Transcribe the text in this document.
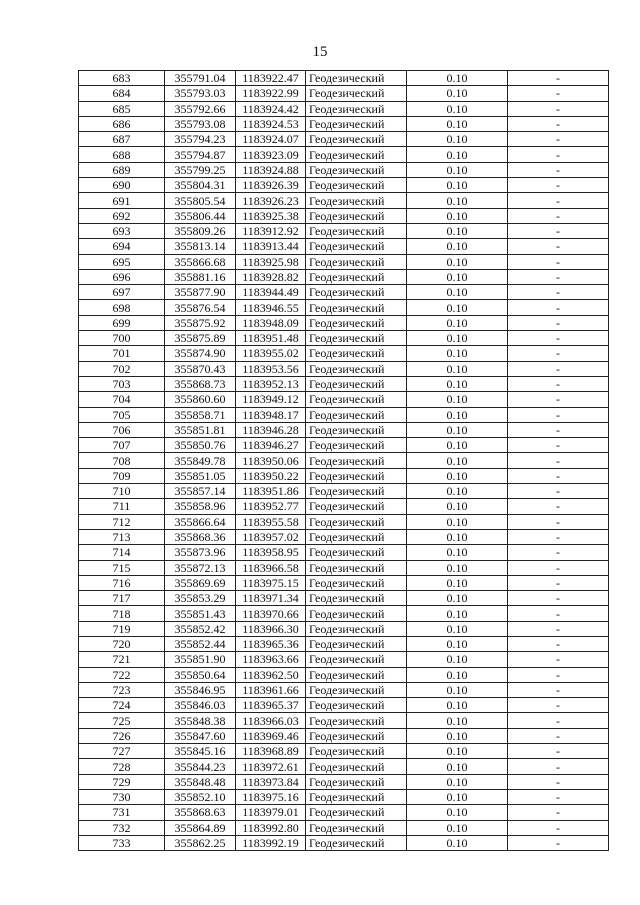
15
683	355791.04	1183922.47	Геодезический	0.10	-
684	355793.03	1183922.99	Геодезический	0.10	-
685	355792.66	1183924.42	Геодезический	0.10	-
686	355793.08	1183924.53	Геодезический	0.10	-
687	355794.23	1183924.07	Геодезический	0.10	-
688	355794.87	1183923.09	Геодезический	0.10	-
689	355799.25	1183924.88	Геодезический	0.10	-
690	355804.31	1183926.39	Геодезический	0.10	-
691	355805.54	1183926.23	Геодезический	0.10	-
692	355806.44	1183925.38	Геодезический	0.10	-
693	355809.26	1183912.92	Геодезический	0.10	-
694	355813.14	1183913.44	Геодезический	0.10	-
695	355866.68	1183925.98	Геодезический	0.10	-
696	355881.16	1183928.82	Геодезический	0.10	-
697	355877.90	1183944.49	Геодезический	0.10	-
698	355876.54	1183946.55	Геодезический	0.10	-
699	355875.92	1183948.09	Геодезический	0.10	-
700	355875.89	1183951.48	Геодезический	0.10	-
701	355874.90	1183955.02	Геодезический	0.10	-
702	355870.43	1183953.56	Геодезический	0.10	-
703	355868.73	1183952.13	Геодезический	0.10	-
704	355860.60	1183949.12	Геодезический	0.10	-
705	355858.71	1183948.17	Геодезический	0.10	-
706	355851.81	1183946.28	Геодезический	0.10	-
707	355850.76	1183946.27	Геодезический	0.10	-
708	355849.78	1183950.06	Геодезический	0.10	-
709	355851.05	1183950.22	Геодезический	0.10	-
710	355857.14	1183951.86	Геодезический	0.10	-
711	355858.96	1183952.77	Геодезический	0.10	-
712	355866.64	1183955.58	Геодезический	0.10	-
713	355868.36	1183957.02	Геодезический	0.10	-
714	355873.96	1183958.95	Геодезический	0.10	-
715	355872.13	1183966.58	Геодезический	0.10	-
716	355869.69	1183975.15	Геодезический	0.10	-
717	355853.29	1183971.34	Геодезический	0.10	-
718	355851.43	1183970.66	Геодезический	0.10	-
719	355852.42	1183966.30	Геодезический	0.10	-
720	355852.44	1183965.36	Геодезический	0.10	-
721	355851.90	1183963.66	Геодезический	0.10	-
722	355850.64	1183962.50	Геодезический	0.10	-
723	355846.95	1183961.66	Геодезический	0.10	-
724	355846.03	1183965.37	Геодезический	0.10	-
725	355848.38	1183966.03	Геодезический	0.10	-
726	355847.60	1183969.46	Геодезический	0.10	-
727	355845.16	1183968.89	Геодезический	0.10	-
728	355844.23	1183972.61	Геодезический	0.10	-
729	355848.48	1183973.84	Геодезический	0.10	-
730	355852.10	1183975.16	Геодезический	0.10	-
731	355868.63	1183979.01	Геодезический	0.10	-
732	355864.89	1183992.80	Геодезический	0.10	-
733	355862.25	1183992.19	Геодезический	0.10	-
